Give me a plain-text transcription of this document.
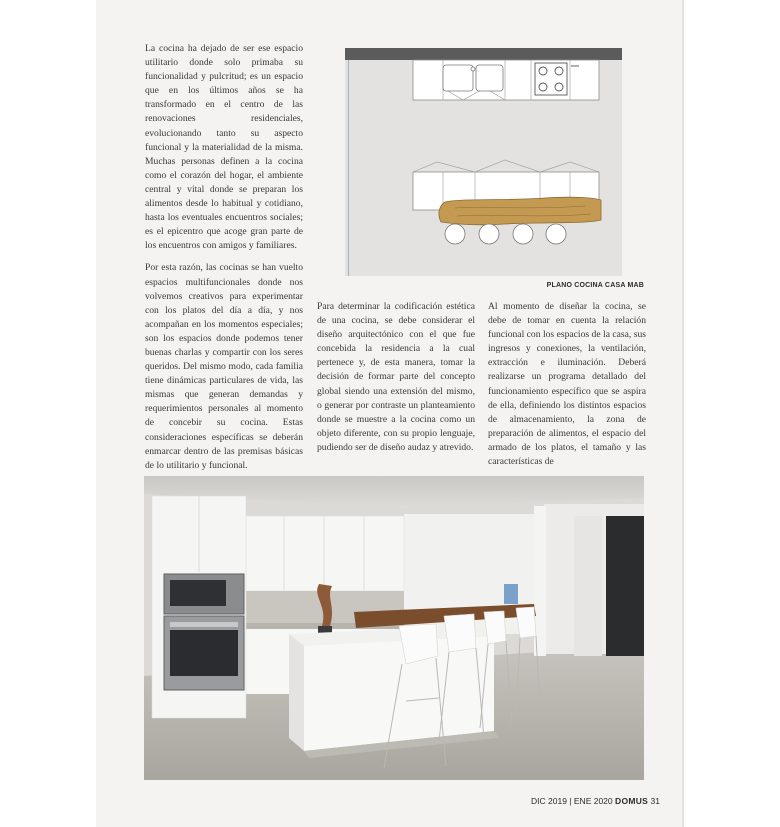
La cocina ha dejado de ser ese espacio utilitario donde solo primaba su funcionalidad y pulcritud; es un espacio que en los últimos años se ha transformado en el centro de las renovaciones residenciales, evolucionando tanto su aspecto funcional y la materialidad de la misma. Muchas personas definen a la cocina como el corazón del hogar, el ambiente central y vital donde se preparan los alimentos desde lo habitual y cotidiano, hasta los eventuales encuentros sociales; es el epicentro que acoge gran parte de los encuentros con amigos y familiares.

Por esta razón, las cocinas se han vuelto espacios multifuncionales donde nos volvemos creativos para experimentar con los platos del día a día, y nos acompañan en los momentos especiales; son los espacios donde podemos tener buenas charlas y compartir con los seres queridos. Del mismo modo, cada familia tiene dinámicas particulares de vida, las mismas que generan demandas y requerimientos personales al momento de concebir su cocina. Estas consideraciones específicas se deberán enmarcar dentro de las premisas básicas de lo utilitario y funcional.

PLANO COCINA CASA MAB

Para determinar la codificación estética de una cocina, se debe considerar el diseño arquitectónico con el que fue concebida la residencia a la cual pertenece y, de esta manera, tomar la decisión de formar parte del concepto global siendo una extensión del mismo, o generar por contraste un planteamiento donde se muestre a la cocina como un objeto diferente, con su propio lenguaje, pudiendo ser de diseño audaz y atrevido.

Al momento de diseñar la cocina, se debe de tomar en cuenta la relación funcional con los espacios de la casa, sus ingresos y conexiones, la ventilación, extracción e iluminación. Deberá realizarse un programa detallado del funcionamiento específico que se aspira de ella, definiendo los distintos espacios de almacenamiento, la zona de preparación de alimentos, el espacio del armado de los platos, el tamaño y las características de

DIC 2019 | ENE 2020 DOMUS 31
